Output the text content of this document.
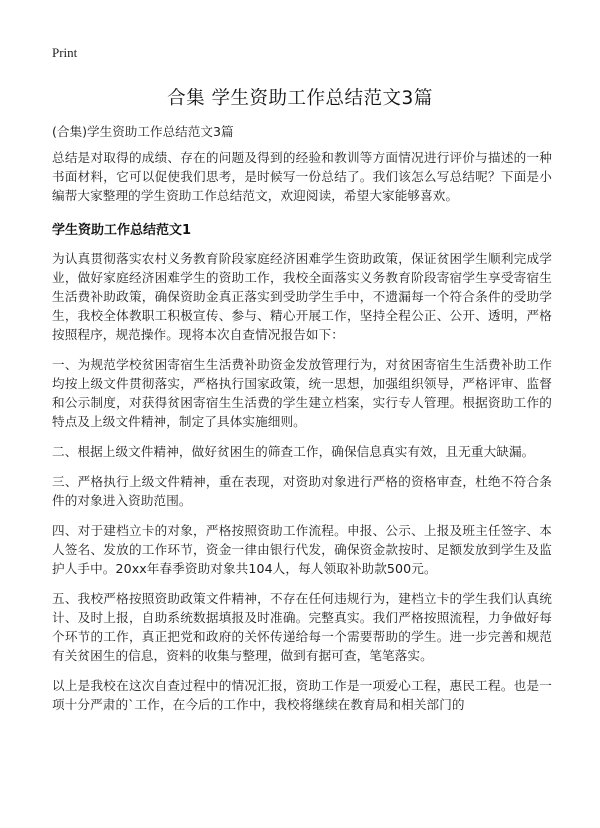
Print
合集 学生资助工作总结范文3篇
(合集)学生资助工作总结范文3篇

总结是对取得的成绩、存在的问题及得到的经验和教训等方面情况进行评价与描述的一种书面材料，它可以促使我们思考，是时候写一份总结了。我们该怎么写总结呢？下面是小编帮大家整理的学生资助工作总结范文，欢迎阅读，希望大家能够喜欢。

学生资助工作总结范文1

为认真贯彻落实农村义务教育阶段家庭经济困难学生资助政策，保证贫困学生顺利完成学业，做好家庭经济困难学生的资助工作，我校全面落实义务教育阶段寄宿学生享受寄宿生生活费补助政策，确保资助金真正落实到受助学生手中，不遗漏每一个符合条件的受助学生，我校全体教职工积极宣传、参与、精心开展工作，坚持全程公正、公开、透明，严格按照程序，规范操作。现将本次自查情况报告如下：

一、为规范学校贫困寄宿生生活费补助资金发放管理行为，对贫困寄宿生生活费补助工作均按上级文件贯彻落实，严格执行国家政策，统一思想，加强组织领导，严格评审、监督和公示制度，对获得贫困寄宿生生活费的学生建立档案，实行专人管理。根据资助工作的特点及上级文件精神，制定了具体实施细则。

二、根据上级文件精神，做好贫困生的筛查工作，确保信息真实有效，且无重大缺漏。

三、严格执行上级文件精神，重在表现，对资助对象进行严格的资格审查，杜绝不符合条件的对象进入资助范围。

四、对于建档立卡的对象，严格按照资助工作流程。申报、公示、上报及班主任签字、本人签名、发放的工作环节，资金一律由银行代发，确保资金款按时、足额发放到学生及监护人手中。20xx年春季资助对象共104人，每人领取补助款500元。

五、我校严格按照资助政策文件精神，不存在任何违规行为，建档立卡的学生我们认真统计、及时上报，自助系统数据填报及时准确。完整真实。我们严格按照流程，力争做好每个环节的工作，真正把党和政府的关怀传递给每一个需要帮助的学生。进一步完善和规范有关贫困生的信息，资料的收集与整理，做到有据可查，笔笔落实。

以上是我校在这次自查过程中的情况汇报，资助工作是一项爱心工程，惠民工程。也是一项十分严肃的`工作，在今后的工作中，我校将继续在教育局和相关部门的
